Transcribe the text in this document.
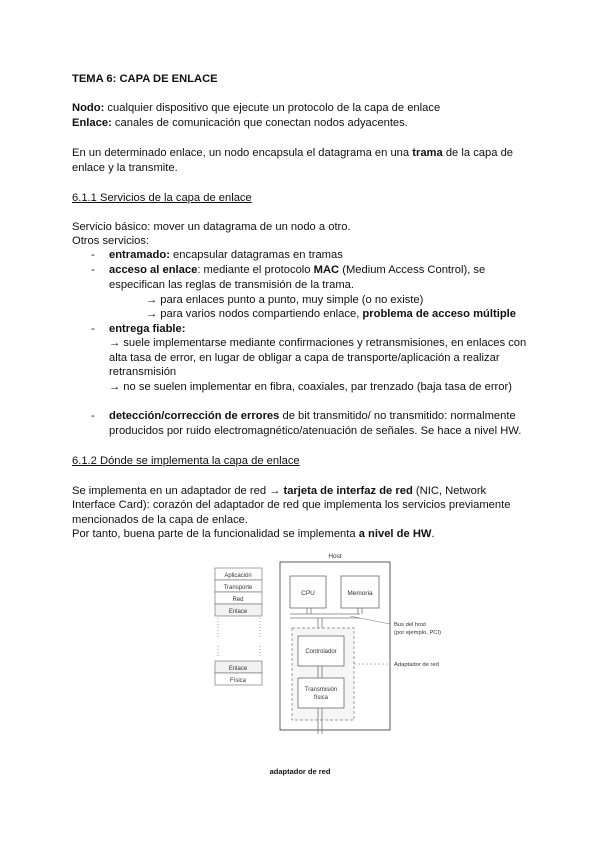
TEMA 6: CAPA DE ENLACE
Nodo: cualquier dispositivo que ejecute un protocolo de la capa de enlace
Enlace: canales de comunicación que conectan nodos adyacentes.
En un determinado enlace, un nodo encapsula el datagrama en una trama de la capa de
enlace y la transmite.
6.1.1 Servicios de la capa de enlace
Servicio básico: mover un datagrama de un nodo a otro.
Otros servicios:
- entramado: encapsular datagramas en tramas
- acceso al enlace: mediante el protocolo MAC (Medium Access Control), se
especifican las reglas de transmisión de la trama.
→ para enlaces punto a punto, muy simple (o no existe)
→ para varios nodos compartiendo enlace, problema de acceso múltiple
- entrega fiable:
→ suele implementarse mediante confirmaciones y retransmisiones, en enlaces con
alta tasa de error, en lugar de obligar a capa de transporte/aplicación a realizar
retransmisión
→ no se suelen implementar en fibra, coaxiales, par trenzado (baja tasa de error)
- detección/corrección de errores de bit transmitido/ no transmitido: normalmente
producidos por ruido electromagnético/atenuación de señales. Se hace a nivel HW.
6.1.2 Dónde se implementa la capa de enlace
Se implementa en un adaptador de red → tarjeta de interfaz de red (NIC, Network
Interface Card): corazón del adaptador de red que implementa los servicios previamente
mencionados de la capa de enlace.
Por tanto, buena parte de la funcionalidad se implementa a nivel de HW.
Host
Aplicación
Transporte
Red
Enlace
Enlace
Física
CPU	Memoria
Bus del host
(por ejemplo, PCI)
Adaptador de red
Controlador
Transmisión
física
adaptador de red
